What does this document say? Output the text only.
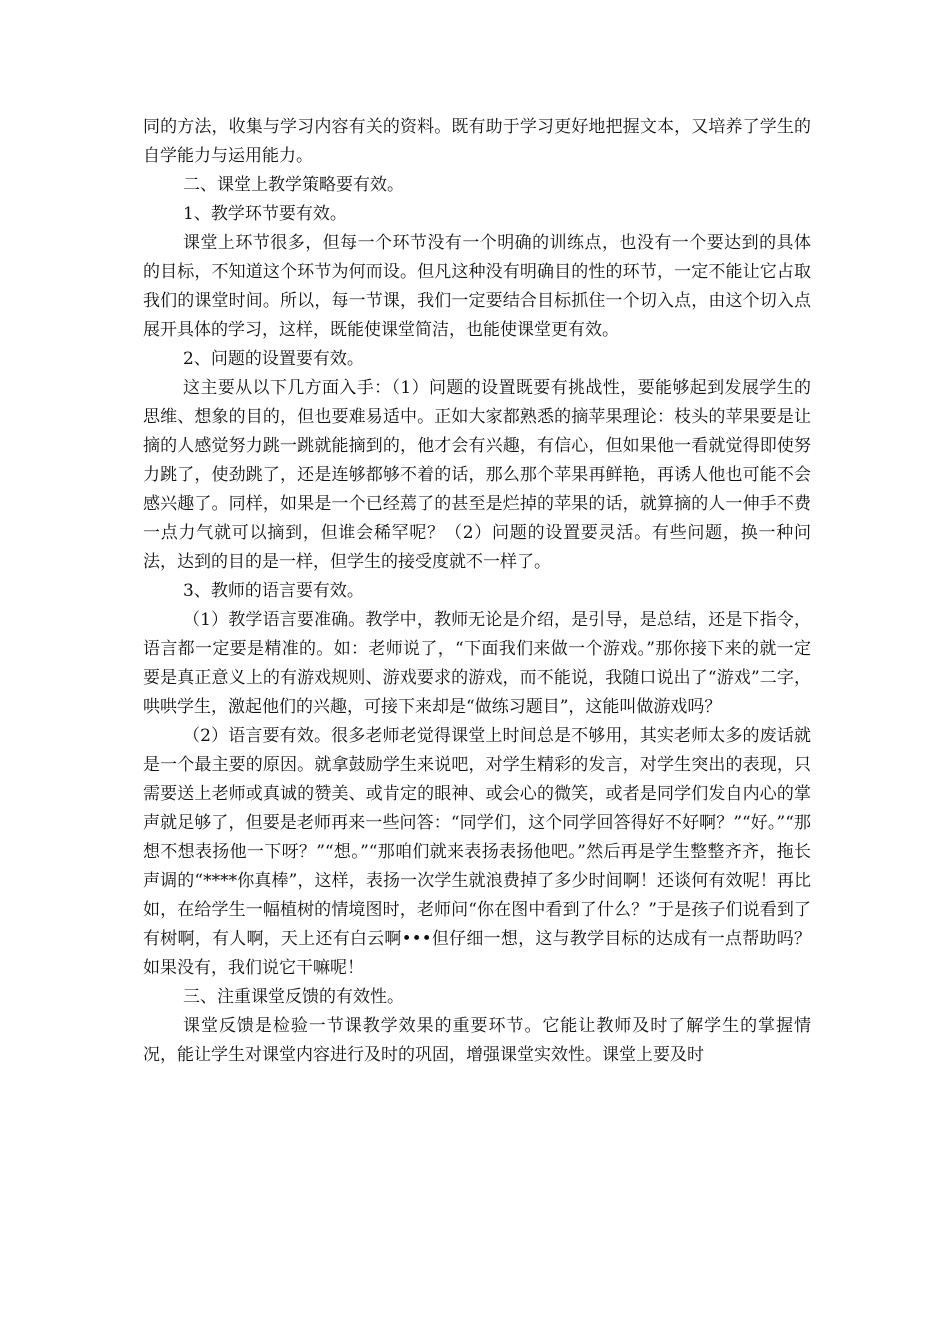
同的方法，收集与学习内容有关的资料。既有助于学习更好地把握文本，又培养了学生的自学能力与运用能力。

二、课堂上教学策略要有效。

1、教学环节要有效。

课堂上环节很多，但每一个环节没有一个明确的训练点，也没有一个要达到的具体的目标，不知道这个环节为何而设。但凡这种没有明确目的性的环节，一定不能让它占取我们的课堂时间。所以，每一节课，我们一定要结合目标抓住一个切入点，由这个切入点展开具体的学习，这样，既能使课堂简洁，也能使课堂更有效。

2、问题的设置要有效。

这主要从以下几方面入手：（1）问题的设置既要有挑战性，要能够起到发展学生的思维、想象的目的，但也要难易适中。正如大家都熟悉的摘苹果理论：枝头的苹果要是让摘的人感觉努力跳一跳就能摘到的，他才会有兴趣，有信心，但如果他一看就觉得即使努力跳了，使劲跳了，还是连够都够不着的话，那么那个苹果再鲜艳，再诱人他也可能不会感兴趣了。同样，如果是一个已经蔫了的甚至是烂掉的苹果的话，就算摘的人一伸手不费一点力气就可以摘到，但谁会稀罕呢？（2）问题的设置要灵活。有些问题，换一种问法，达到的目的是一样，但学生的接受度就不一样了。

3、教师的语言要有效。

（1）教学语言要准确。教学中，教师无论是介绍，是引导，是总结，还是下指令，语言都一定要是精准的。如：老师说了，“下面我们来做一个游戏。”那你接下来的就一定要是真正意义上的有游戏规则、游戏要求的游戏，而不能说，我随口说出了“游戏”二字，哄哄学生，激起他们的兴趣，可接下来却是“做练习题目”，这能叫做游戏吗？

（2）语言要有效。很多老师老觉得课堂上时间总是不够用，其实老师太多的废话就是一个最主要的原因。就拿鼓励学生来说吧，对学生精彩的发言，对学生突出的表现，只需要送上老师或真诚的赞美、或肯定的眼神、或会心的微笑，或者是同学们发自内心的掌声就足够了，但要是老师再来一些问答：“同学们，这个同学回答得好不好啊？”“好。”“那想不想表扬他一下呀？”“想。”“那咱们就来表扬表扬他吧。”然后再是学生整整齐齐，拖长声调的“****你真棒”，这样，表扬一次学生就浪费掉了多少时间啊！还谈何有效呢！再比如，在给学生一幅植树的情境图时，老师问“你在图中看到了什么？”于是孩子们说看到了有树啊，有人啊，天上还有白云啊•••但仔细一想，这与教学目标的达成有一点帮助吗？如果没有，我们说它干嘛呢！

三、注重课堂反馈的有效性。

课堂反馈是检验一节课教学效果的重要环节。它能让教师及时了解学生的掌握情况，能让学生对课堂内容进行及时的巩固，增强课堂实效性。课堂上要及时
